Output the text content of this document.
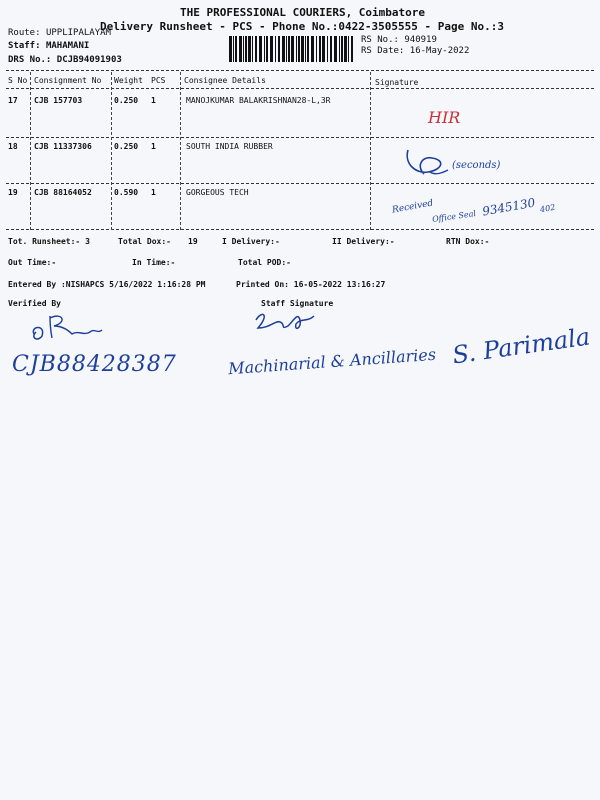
THE PROFESSIONAL COURIERS, Coimbatore
Delivery Runsheet - PCS - Phone No.:0422-3505555 - Page No.:3
Route: UPPLIPALAYAM
Staff: MAHAMANI
DRS No.: DCJB94091903
RS No.: 940919
RS Date: 16-May-2022
S No Consignment No Weight PCS Consignee Details	Signature
17 CJB 157703	0.250 1	MANOJKUMAR BALAKRISHNAN28-L,3R
18 CJB 11337306	0.250 1	SOUTH INDIA RUBBER
19 CJB 88164052	0.590 1	GORGEOUS TECH
HIR
(seconds)
Received
Office Seal 9345130 402
Tot. Runsheet:- 3	Total Dox:- 19	I Delivery:-	II Delivery:-	RTN Dox:-
Out Time:-	In Time:-	Total POD:-
Entered By :NISHAPCS 5/16/2022 1:16:28 PM	Printed On: 16-05-2022 13:16:27
Verified By	Staff Signature
CJB88428387	Machinarial & Ancillaries S. Parimala
